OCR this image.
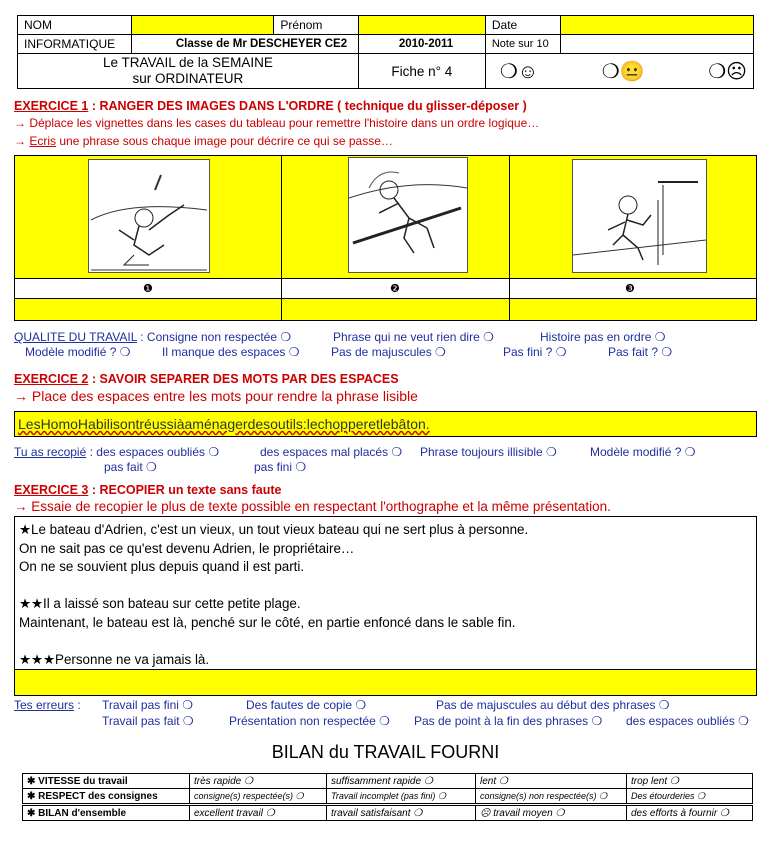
NOM		Prénom		Date	
INFORMATIQUE	Classe de Mr DESCHEYER CE2		2010-2011	Note sur 10	

Le TRAVAIL de la SEMAINE
sur ORDINATEUR			Fiche n° 4	❍☺ ❍😐 ❍☹	
EXERCICE 1 : RANGER DES IMAGES DANS L'ORDRE ( technique du glisser-déposer )
→ Déplace les vignettes dans les cases du tableau pour remettre l'histoire dans un ordre logique…
→ Ecris une phrase sous chaque image pour décrire ce qui se passe…
❶	❷	❸
QUALITE DU TRAVAIL : Consigne non respectée ❍	Phrase qui ne veut rien dire ❍	Histoire pas en ordre ❍
Modèle modifié ? ❍	Il manque des espaces ❍	Pas de majuscules ❍	Pas fini ? ❍	Pas fait ? ❍
EXERCICE 2 : SAVOIR SEPARER DES MOTS PAR DES ESPACES
→ Place des espaces entre les mots pour rendre la phrase lisible
LesHomoHabilisontréussiàaménagerdesoutils:lechopperetlebâton.
Tu as recopié : des espaces oubliés ❍	des espaces mal placés ❍ Phrase toujours illisible ❍	Modèle modifié ? ❍
pas fait ❍	pas fini ❍
EXERCICE 3 : RECOPIER un texte sans faute
→ Essaie de recopier le plus de texte possible en respectant l'orthographe et la même présentation.
★Le bateau d'Adrien, c'est un vieux, un tout vieux bateau qui ne sert plus à personne.
On ne sait pas ce qu'est devenu Adrien, le propriétaire…
On ne se souvient plus depuis quand il est parti.
★★Il a laissé son bateau sur cette petite plage.
Maintenant, le bateau est là, penché sur le côté, en partie enfoncé dans le sable fin.
★★★Personne ne va jamais là.
Tes erreurs : Travail pas fini ❍	Des fautes de copie ❍	Pas de majuscules au début des phrases ❍
Travail pas fait ❍	Présentation non respectée ❍ Pas de point à la fin des phrases ❍ des espaces oubliés ❍
BILAN du TRAVAIL FOURNI
✱ VITESSE du travail	très rapide ❍	suffisamment rapide ❍	lent ❍	trop lent ❍
✱ RESPECT des consignes	consigne(s) respectée(s) ❍	Travail incomplet (pas fini) ❍	consigne(s) non respectée(s) ❍	Des étourderies ❍
✱ BILAN d'ensemble	excellent travail ❍	travail satisfaisant ❍	☹ travail moyen ❍	des efforts à fournir ❍
